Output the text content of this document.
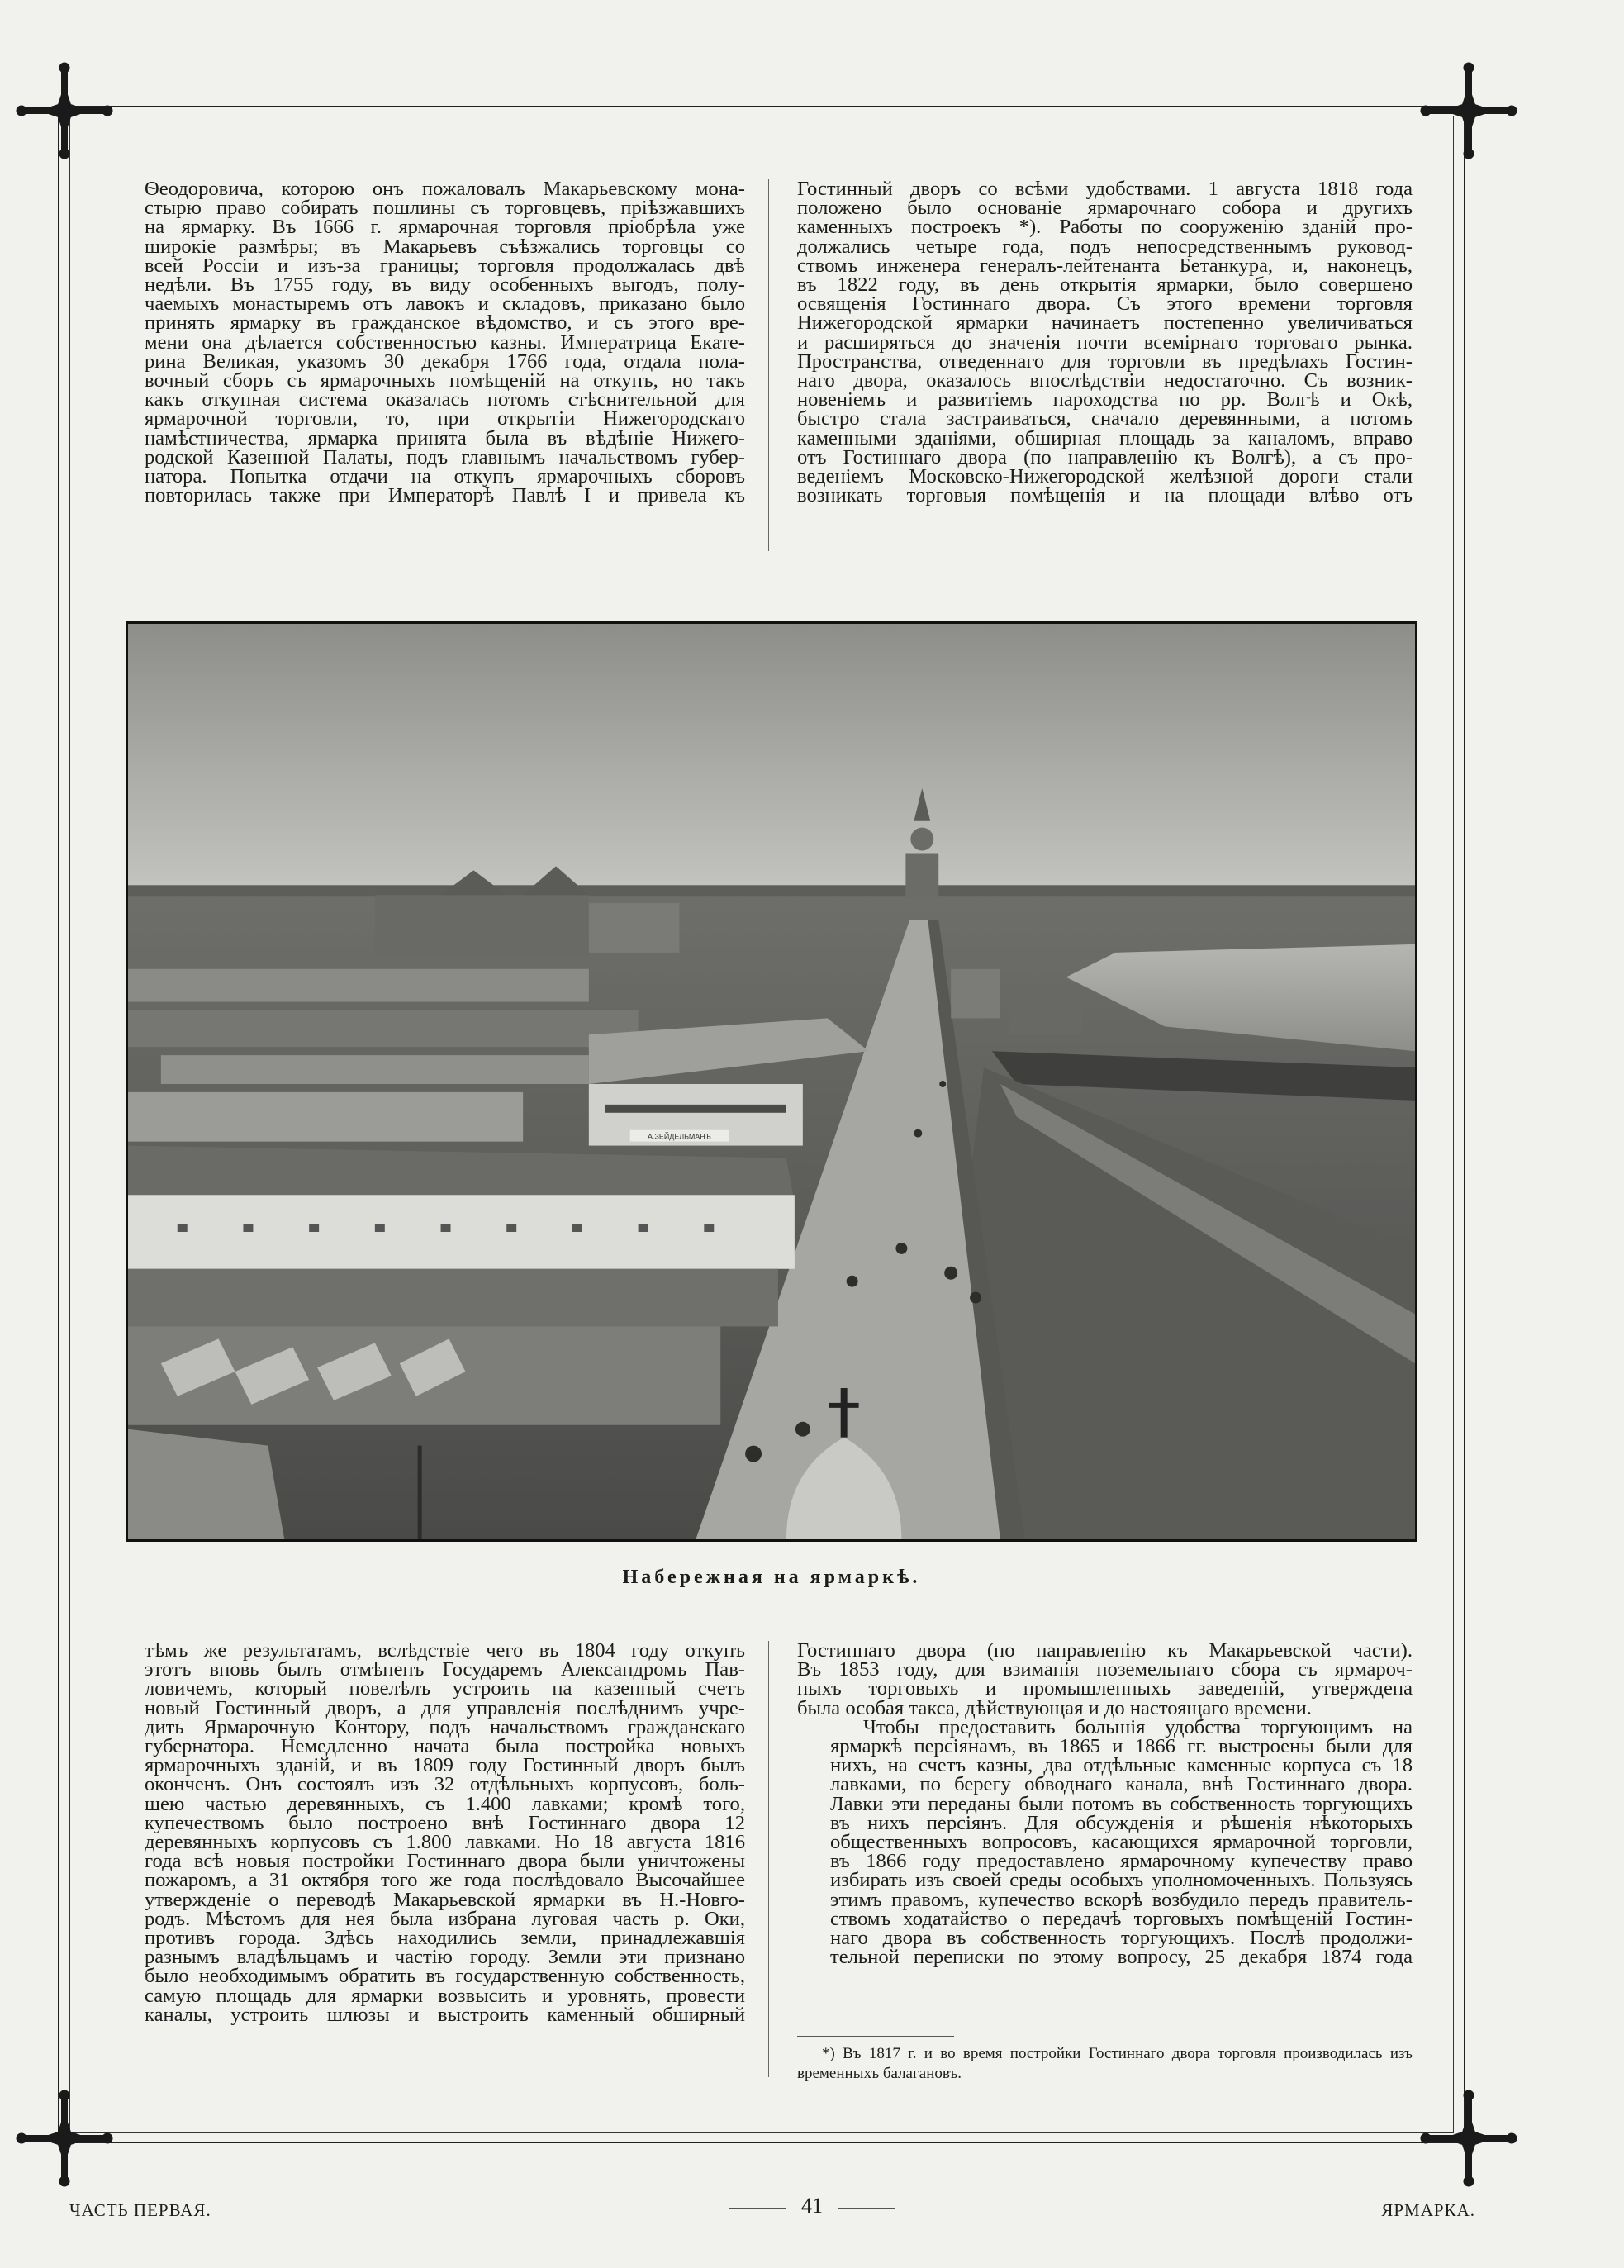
Ѳеодоровича, которою онъ пожаловалъ Макарьевскому мона-
стырю право собирать пошлины съ торговцевъ, пріѣзжавшихъ
на ярмарку. Въ 1666 г. ярмарочная торговля пріобрѣла уже
широкіе размѣры; въ Макарьевъ съѣзжались торговцы со
всей Россіи и изъ-за границы; торговля продолжалась двѣ
недѣли. Въ 1755 году, въ виду особенныхъ выгодъ, полу-
чаемыхъ монастыремъ отъ лавокъ и складовъ, приказано было
принять ярмарку въ гражданское вѣдомство, и съ этого вре-
мени она дѣлается собственностью казны. Императрица Екате-
рина Великая, указомъ 30 декабря 1766 года, отдала пола-
вочный сборъ съ ярмарочныхъ помѣщеній на откупъ, но такъ
какъ откупная система оказалась потомъ стѣснительной для
ярмарочной торговли, то, при открытіи Нижегородскаго
намѣстничества, ярмарка принята была въ вѣдѣніе Нижего-
родской Казенной Палаты, подъ главнымъ начальствомъ губер-
натора. Попытка отдачи на откупъ ярмарочныхъ сборовъ
повторилась также при Императорѣ Павлѣ I и привела къ
Гостинный дворъ со всѣми удобствами. 1 августа 1818 года
положено было основаніе ярмарочнаго собора и другихъ
каменныхъ построекъ *). Работы по сооруженію зданій про-
должались четыре года, подъ непосредственнымъ руковод-
ствомъ инженера генералъ-лейтенанта Бетанкура, и, наконецъ,
въ 1822 году, въ день открытія ярмарки, было совершено
освященія Гостиннаго двора. Съ этого времени торговля
Нижегородской ярмарки начинаетъ постепенно увеличиваться
и расширяться до значенія почти всемірнаго торговаго рынка.
Пространства, отведеннаго для торговли въ предѣлахъ Гостин-
наго двора, оказалось впослѣдствіи недостаточно. Съ возник-
новеніемъ и развитіемъ пароходства по рр. Волгѣ и Окѣ,
быстро стала застраиваться, сначало деревянными, а потомъ
каменными зданіями, обширная площадь за каналомъ, вправо
отъ Гостиннаго двора (по направленію къ Волгѣ), а съ про-
веденіемъ Московско-Нижегородской желѣзной дороги стали
возникать торговыя помѣщенія и на площади влѣво отъ
А.ЗЕЙДЕЛЬМАНЪ
Набережная на ярмаркѣ.
тѣмъ же результатамъ, вслѣдствіе чего въ 1804 году откупъ
этотъ вновь былъ отмѣненъ Государемъ Александромъ Пав-
ловичемъ, который повелѣлъ устроить на казенный счетъ
новый Гостинный дворъ, а для управленія послѣднимъ учре-
дить Ярмарочную Контору, подъ начальствомъ гражданскаго
губернатора. Немедленно начата была постройка новыхъ
ярмарочныхъ зданій, и въ 1809 году Гостинный дворъ былъ
оконченъ. Онъ состоялъ изъ 32 отдѣльныхъ корпусовъ, боль-
шею частью деревянныхъ, съ 1.400 лавками; кромѣ того,
купечествомъ было построено внѣ Гостиннаго двора 12
деревянныхъ корпусовъ съ 1.800 лавками. Но 18 августа 1816
года всѣ новыя постройки Гостиннаго двора были уничтожены
пожаромъ, а 31 октября того же года послѣдовало Высочайшее
утвержденіе о переводѣ Макарьевской ярмарки въ Н.-Новго-
родъ. Мѣстомъ для нея была избрана луговая часть р. Оки,
противъ города. Здѣсь находились земли, принадлежавшія
разнымъ владѣльцамъ и частію городу. Земли эти признано
было необходимымъ обратить въ государственную собственность,
самую площадь для ярмарки возвысить и уровнять, провести
каналы, устроить шлюзы и выстроить каменный обширный

Гостиннаго двора (по направленію къ Макарьевской части).
Въ 1853 году, для взиманія поземельнаго сбора съ ярмароч-
ныхъ торговыхъ и промышленныхъ заведеній, утверждена
была особая такса, дѣйствующая и до настоящаго времени.

Чтобы предоставить большія удобства торгующимъ на
ярмаркѣ персіянамъ, въ 1865 и 1866 гг. выстроены были для
нихъ, на счетъ казны, два отдѣльные каменные корпуса съ 18
лавками, по берегу обводнаго канала, внѣ Гостиннаго двора.
Лавки эти переданы были потомъ въ собственность торгующихъ
въ нихъ персіянъ. Для обсужденія и рѣшенія нѣкоторыхъ
общественныхъ вопросовъ, касающихся ярмарочной торговли,
въ 1866 году предоставлено ярмарочному купечеству право
избирать изъ своей среды особыхъ уполномоченныхъ. Пользуясь
этимъ правомъ, купечество вскорѣ возбудило передъ правитель-
ствомъ ходатайство о передачѣ торговыхъ помѣщеній Гостин-
наго двора въ собственность торгующихъ. Послѣ продолжи-
тельной переписки по этому вопросу, 25 декабря 1874 года

*) Въ 1817 г. и во время постройки Гостиннаго двора торговля производилась изъ временныхъ балагановъ.
ЧАСТЬ ПЕРВАЯ.	41	ЯРМАРКА.
